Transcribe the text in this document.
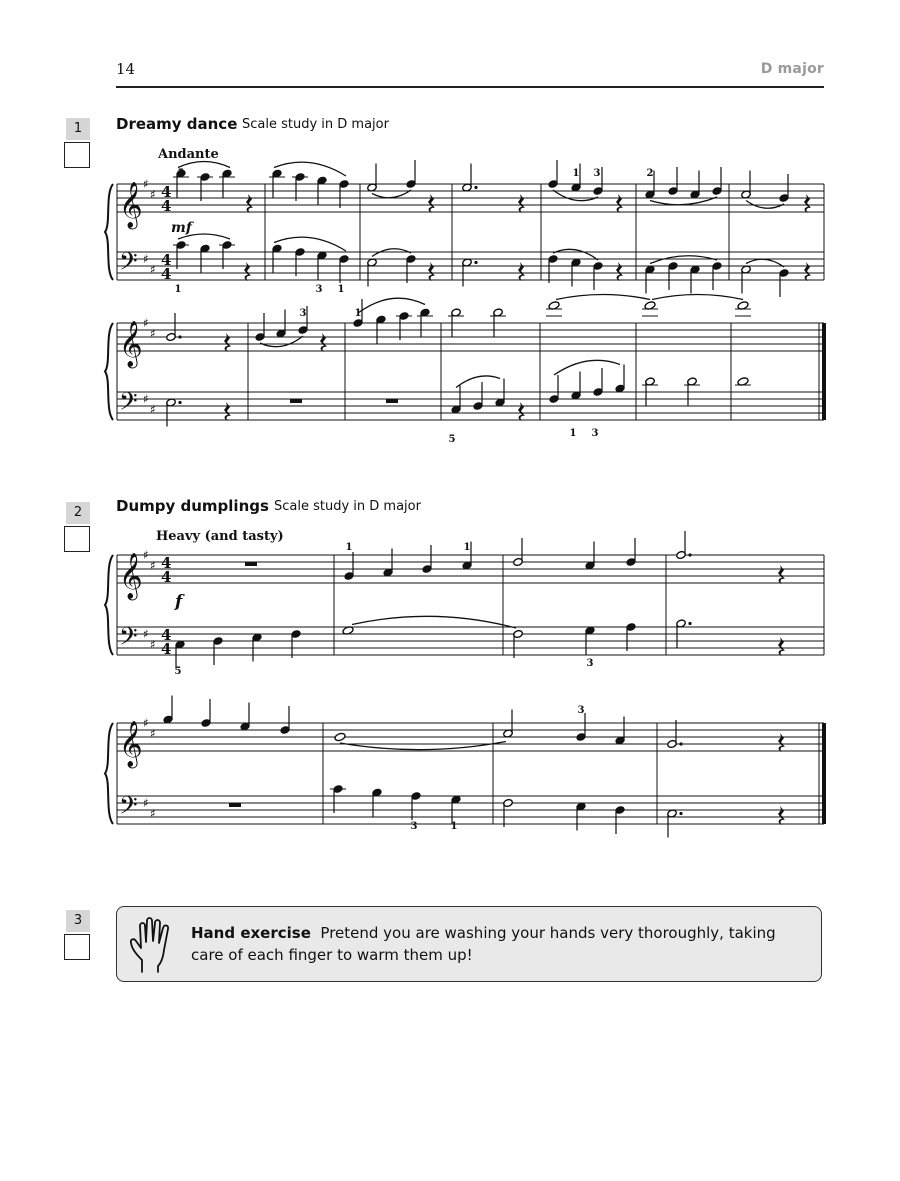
14	D major
1	Dreamy dance Scale study in D major
Andante
2	Dumpy dumplings Scale study in D major
Heavy (and tasty)
𝄞
𝄢
♯
♯
♯
♯
4
4
4
4
mf
5	1 3	2
1	3 1
𝄞
𝄢
♯
♯
♯
♯
3	1
5
1 3
𝄞
𝄢
♯
♯
♯
♯
4
4
4
4
f
1	1
5
3
𝄞
𝄢
♯
♯
♯
♯
3
3	1
3
Hand exercise Pretend you are washing your hands very thoroughly, taking care of each finger to warm them up!
